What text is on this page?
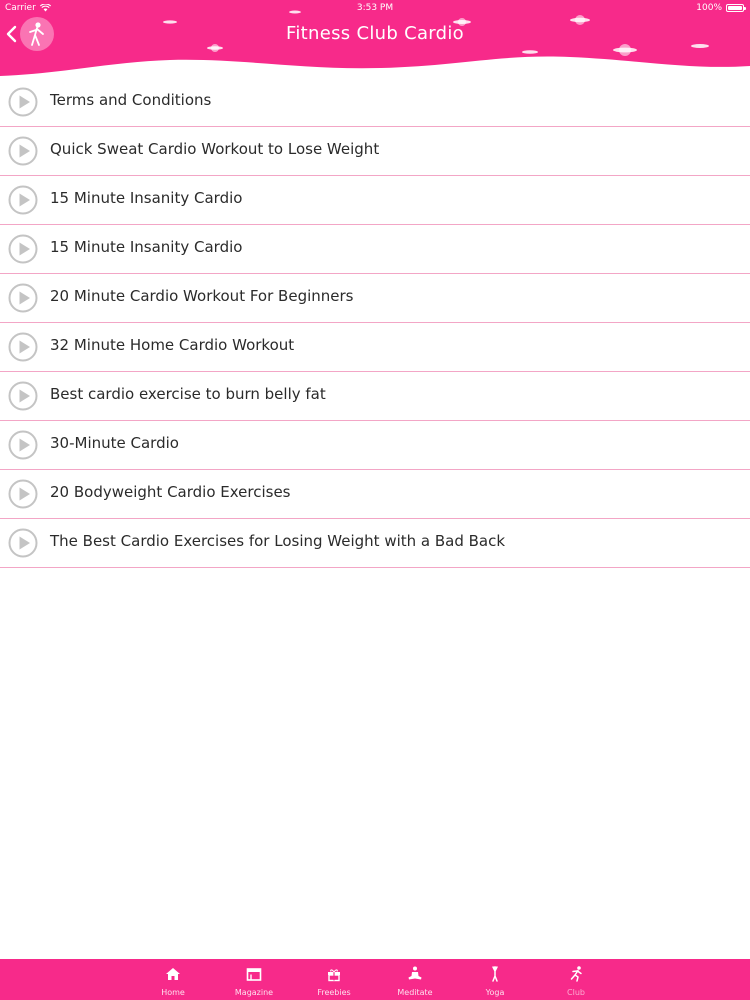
Carrier	3:53 PM	100%
Fitness Club Cardio
Terms and Conditions
Quick Sweat Cardio Workout to Lose Weight
15 Minute Insanity Cardio
15 Minute Insanity Cardio
20 Minute Cardio Workout For Beginners
32 Minute Home Cardio Workout
Best cardio exercise to burn belly fat
30-Minute Cardio
20 Bodyweight Cardio Exercises
The Best Cardio Exercises for Losing Weight with a Bad Back
Home	Magazine	Freebies	Meditate	Yoga	Club
